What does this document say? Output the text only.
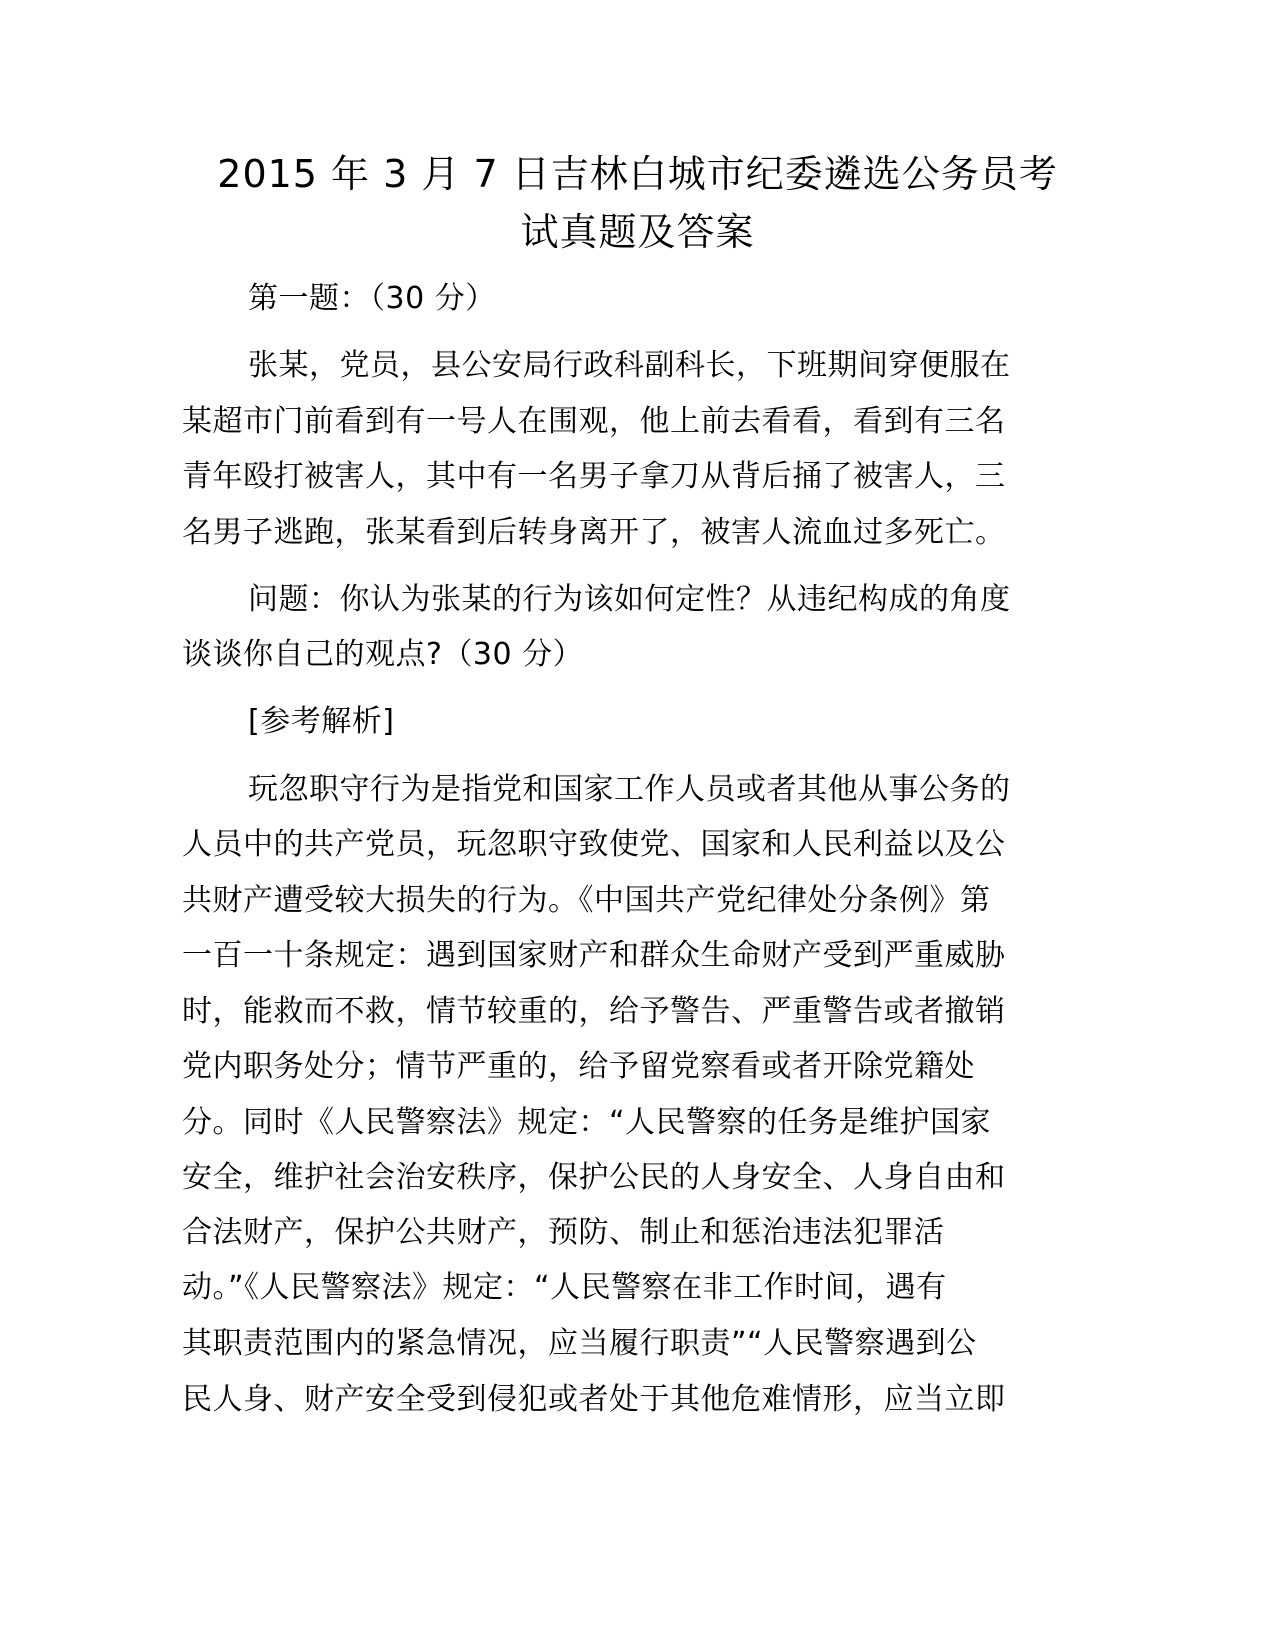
2015 年 3 月 7 日吉林白城市纪委遴选公务员考
试真题及答案
第一题：（30 分）
张某，党员，县公安局行政科副科长，下班期间穿便服在
某超市门前看到有一号人在围观，他上前去看看，看到有三名
青年殴打被害人，其中有一名男子拿刀从背后捅了被害人，三
名男子逃跑，张某看到后转身离开了，被害人流血过多死亡。
问题：你认为张某的行为该如何定性？从违纪构成的角度
谈谈你自己的观点?（30 分）
[参考解析]
玩忽职守行为是指党和国家工作人员或者其他从事公务的
人员中的共产党员，玩忽职守致使党、国家和人民利益以及公
共财产遭受较大损失的行为。《中国共产党纪律处分条例》第
一百一十条规定：遇到国家财产和群众生命财产受到严重威胁
时，能救而不救，情节较重的，给予警告、严重警告或者撤销
党内职务处分；情节严重的，给予留党察看或者开除党籍处
分。同时《人民警察法》规定：“人民警察的任务是维护国家
安全，维护社会治安秩序，保护公民的人身安全、人身自由和
合法财产，保护公共财产，预防、制止和惩治违法犯罪活
动。”《人民警察法》规定：“人民警察在非工作时间，遇有
其职责范围内的紧急情况，应当履行职责”“人民警察遇到公
民人身、财产安全受到侵犯或者处于其他危难情形，应当立即
